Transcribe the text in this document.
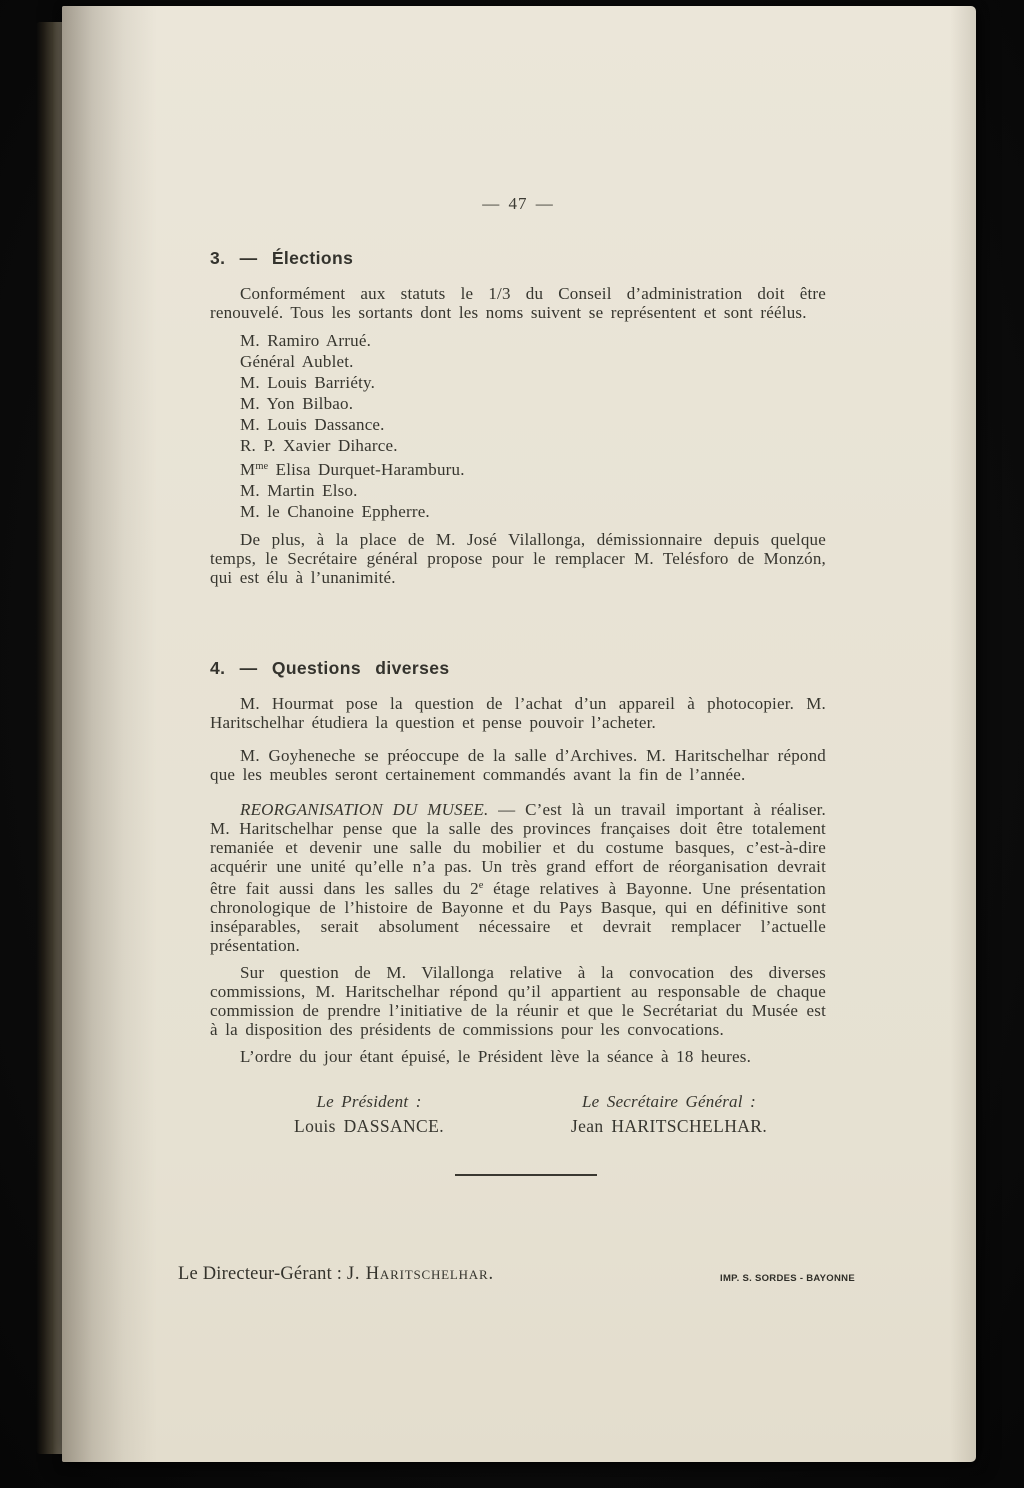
— 47 —
3. — Élections

Conformément aux statuts le 1/3 du Conseil d’administration doit être renouvelé. Tous les sortants dont les noms suivent se représentent et sont réélus.

M. Ramiro Arrué.
Général Aublet.
M. Louis Barriéty.
M. Yon Bilbao.
M. Louis Dassance.
R. P. Xavier Diharce.
$M^{me}$ Elisa Durquet-Haramburu.
M. Martin Elso.
M. le Chanoine Eppherre.

De plus, à la place de M. José Vilallonga, démissionnaire depuis quelque temps, le Secrétaire général propose pour le remplacer M. Telésforo de Monzón, qui est élu à l’unanimité.

4. — Questions diverses

M. Hourmat pose la question de l’achat d’un appareil à photocopier. M. Haritschelhar étudiera la question et pense pouvoir l’acheter.

M. Goyheneche se préoccupe de la salle d’Archives. M. Haritschelhar répond que les meubles seront certainement commandés avant la fin de l’année.

REORGANISATION DU MUSEE. — C’est là un travail important à réaliser. M. Haritschelhar pense que la salle des provinces françaises doit être totalement remaniée et devenir une salle du mobilier et du costume basques, c’est-à-dire acquérir une unité qu’elle n’a pas. Un très grand effort de réorganisation devrait être fait aussi dans les salles du 2e étage relatives à Bayonne. Une présentation chronologique de l’histoire de Bayonne et du Pays Basque, qui en définitive sont inséparables, serait absolument nécessaire et devrait remplacer l’actuelle présentation.

Sur question de M. Vilallonga relative à la convocation des diverses commissions, M. Haritschelhar répond qu’il appartient au responsable de chaque commission de prendre l’initiative de la réunir et que le Secrétariat du Musée est à la disposition des présidents de commissions pour les convocations.

L’ordre du jour étant épuisé, le Président lève la séance à 18 heures.

Le Président :
Louis DASSANCE.
Le Secrétaire Général :
Jean HARITSCHELHAR.
Le Directeur-Gérant : J. Haritschelhar.	IMP. S. SORDES - BAYONNE
